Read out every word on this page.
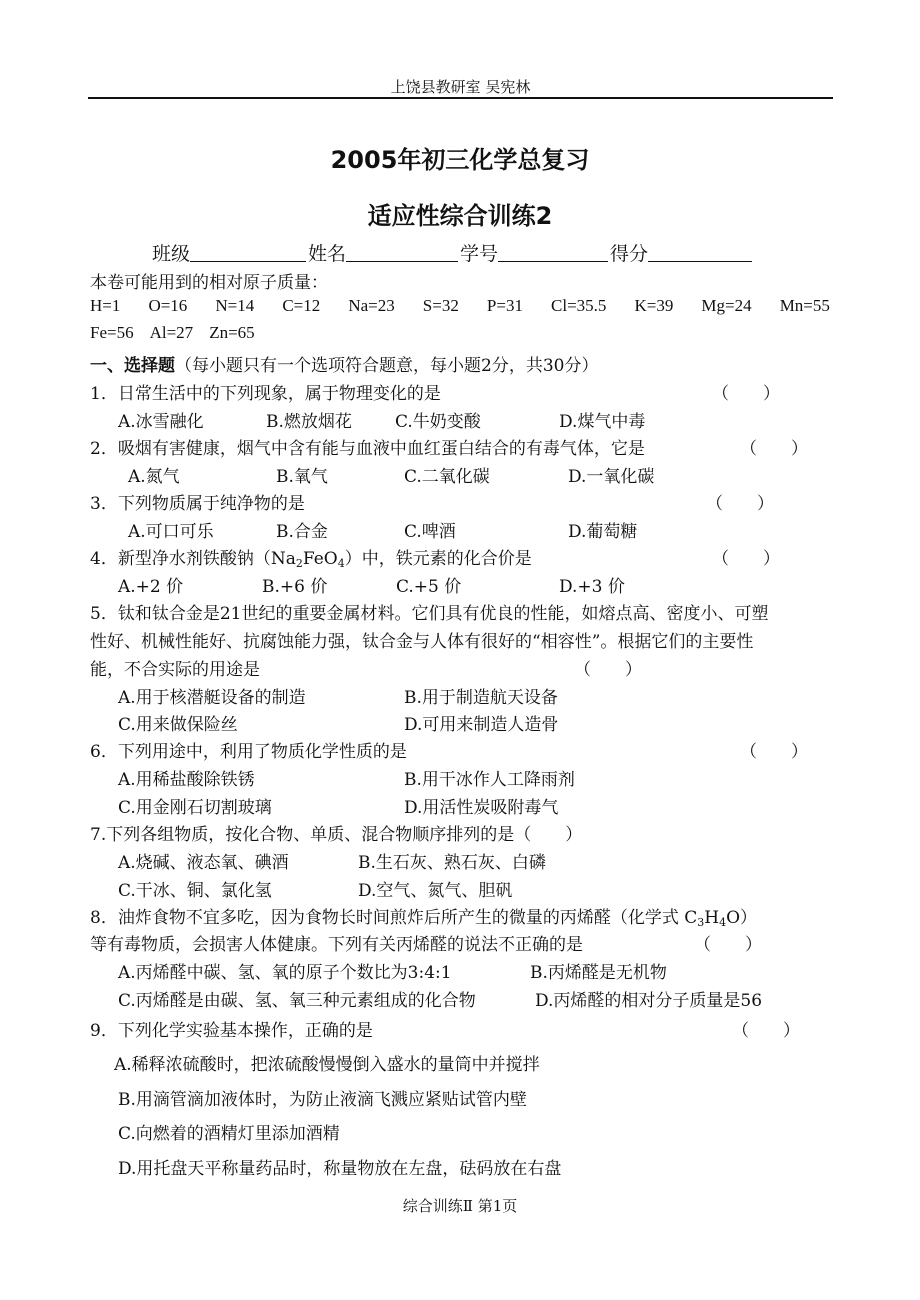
上饶县教研室 吴宪林
2005年初三化学总复习
适应性综合训练2
班级	姓名	学号	得分
本卷可能用到的相对原子质量：
H=1 O=16 N=14 C=12 Na=23 S=32 P=31 Cl=35.5 K=39 Mg=24 Mn=55
Fe=56 Al=27 Zn=65
一、选择题（每小题只有一个选项符合题意，每小题2分，共30分）
1．日常生活中的下列现象，属于物理变化的是	（　　）
A.冰雪融化	B.燃放烟花	C.牛奶变酸	D.煤气中毒
2．吸烟有害健康，烟气中含有能与血液中血红蛋白结合的有毒气体，它是	（　　）
A.氮气	B.氧气	C.二氧化碳	D.一氧化碳
3．下列物质属于纯净物的是	（　　）
A.可口可乐	B.合金	C.啤酒	D.葡萄糖
4．新型净水剂铁酸钠$(Na_2FeO_4)$中，铁元素的化合价是	（　　）
A.+2 价	B.+6 价	C.+5 价	D.+3 价
5．钛和钛合金是21世纪的重要金属材料。它们具有优良的性能，如熔点高、密度小、可塑
性好、机械性能好、抗腐蚀能力强，钛合金与人体有很好的“相容性”。根据它们的主要性
能，不合实际的用途是	（　　）
A.用于核潜艇设备的制造	B.用于制造航天设备
C.用来做保险丝	D.可用来制造人造骨
6．下列用途中，利用了物质化学性质的是	（　　）
A.用稀盐酸除铁锈	B.用干冰作人工降雨剂
C.用金刚石切割玻璃	D.用活性炭吸附毒气
7.下列各组物质，按化合物、单质、混合物顺序排列的是（　　）
A.烧碱、液态氧、碘酒	B.生石灰、熟石灰、白磷
C.干冰、铜、氯化氢	D.空气、氮气、胆矾
8．油炸食物不宜多吃，因为食物长时间煎炸后所产生的微量的丙烯醛（化学式 $C_3H_4O$）
等有毒物质，会损害人体健康。下列有关丙烯醛的说法不正确的是	（　　）
A.丙烯醛中碳、氢、氧的原子个数比为3:4:1	B.丙烯醛是无机物
C.丙烯醛是由碳、氢、氧三种元素组成的化合物	D.丙烯醛的相对分子质量是56
9．下列化学实验基本操作，正确的是	（　　）
A.稀释浓硫酸时，把浓硫酸慢慢倒入盛水的量筒中并搅拌
B.用滴管滴加液体时，为防止液滴飞溅应紧贴试管内壁
C.向燃着的酒精灯里添加酒精
D.用托盘天平称量药品时，称量物放在左盘，砝码放在右盘
综合训练Ⅱ 第1页
